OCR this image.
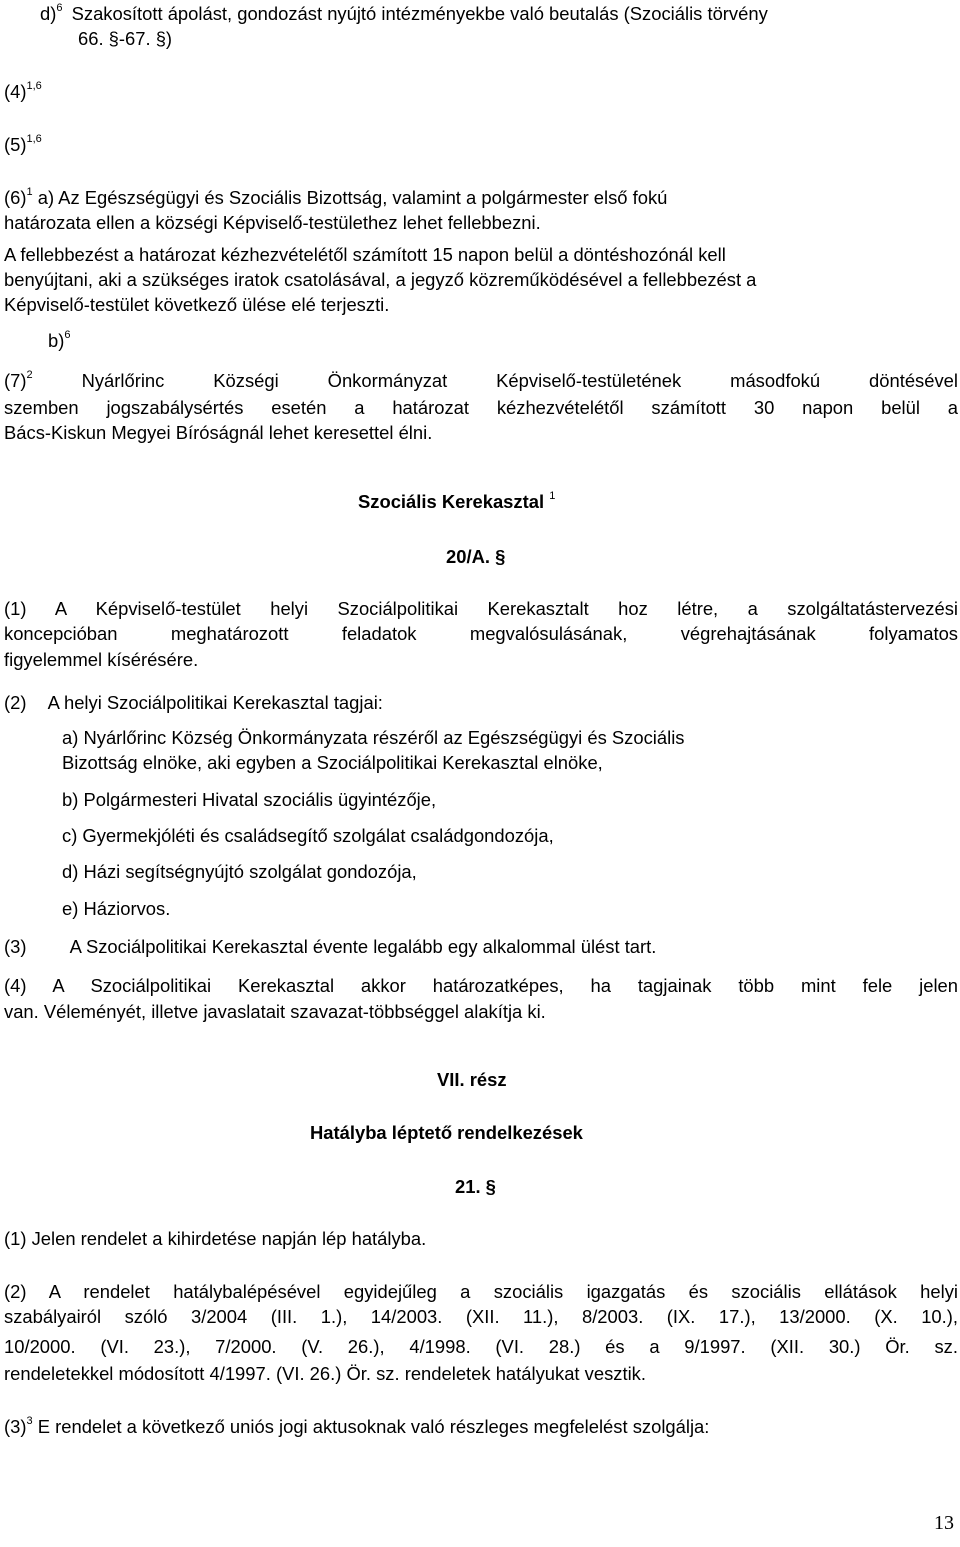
d)$^6$ Szakosított ápolást, gondozást nyújtó intézményekbe való beutalás (Szociális törvény
66. §-67. §)
$(4)^{1,6}$
$(5)^{1,6}$
$(6)^1$ a) Az Egészségügyi és Szociális Bizottság, valamint a polgármester első fokú
határozata ellen a községi Képviselő-testülethez lehet fellebbezni.
A fellebbezést a határozat kézhezvételétől számított 15 napon belül a döntéshozónál kell
benyújtani, aki a szükséges iratok csatolásával, a jegyző közreműködésével a fellebbezést a
Képviselő-testület következő ülése elé terjeszti.
b)$^6$
$(7)^2$	Nyárlőrinc Községi Önkormányzat Képviselő-testületének másodfokú döntésével
szemben jogszabálysértés esetén a határozat kézhezvételétől számított 30 napon belül a
Bács-Kiskun Megyei Bíróságnál lehet keresettel élni.
Szociális Kerekasztal $^1$
20/A. §
(1) A Képviselő-testület helyi Szociálpolitikai Kerekasztalt hoz létre, a szolgáltatástervezési
koncepcióban meghatározott feladatok megvalósulásának, végrehajtásának folyamatos
figyelemmel kísérésére.
(2) A helyi Szociálpolitikai Kerekasztal tagjai:
a) Nyárlőrinc Község Önkormányzata részéről az Egészségügyi és Szociális
Bizottság elnöke, aki egyben a Szociálpolitikai Kerekasztal elnöke,
b) Polgármesteri Hivatal szociális ügyintézője,
c) Gyermekjóléti és családsegítő szolgálat családgondozója,
d) Házi segítségnyújtó szolgálat gondozója,
e) Háziorvos.
(3) A Szociálpolitikai Kerekasztal évente legalább egy alkalommal ülést tart.
(4) A Szociálpolitikai Kerekasztal akkor határozatképes, ha tagjainak több mint fele jelen
van. Véleményét, illetve javaslatait szavazat-többséggel alakítja ki.
VII. rész
Hatályba léptető rendelkezések
21. §
(1) Jelen rendelet a kihirdetése napján lép hatályba.
(2) A rendelet hatálybalépésével egyidejűleg a szociális igazgatás és szociális ellátások helyi
szabályairól szóló 3/2004 (III. 1.), 14/2003. (XII. 11.), 8/2003. (IX. 17.), 13/2000. (X. 10.),
10/2000. (VI. 23.), 7/2000. (V. 26.), 4/1998. (VI. 28.) és a 9/1997. (XII. 30.) Ör. sz.
rendeletekkel módosított 4/1997. (VI. 26.) Ör. sz. rendeletek hatályukat vesztik.
$(3)^3$ E rendelet a következő uniós jogi aktusoknak való részleges megfelelést szolgálja:
13
